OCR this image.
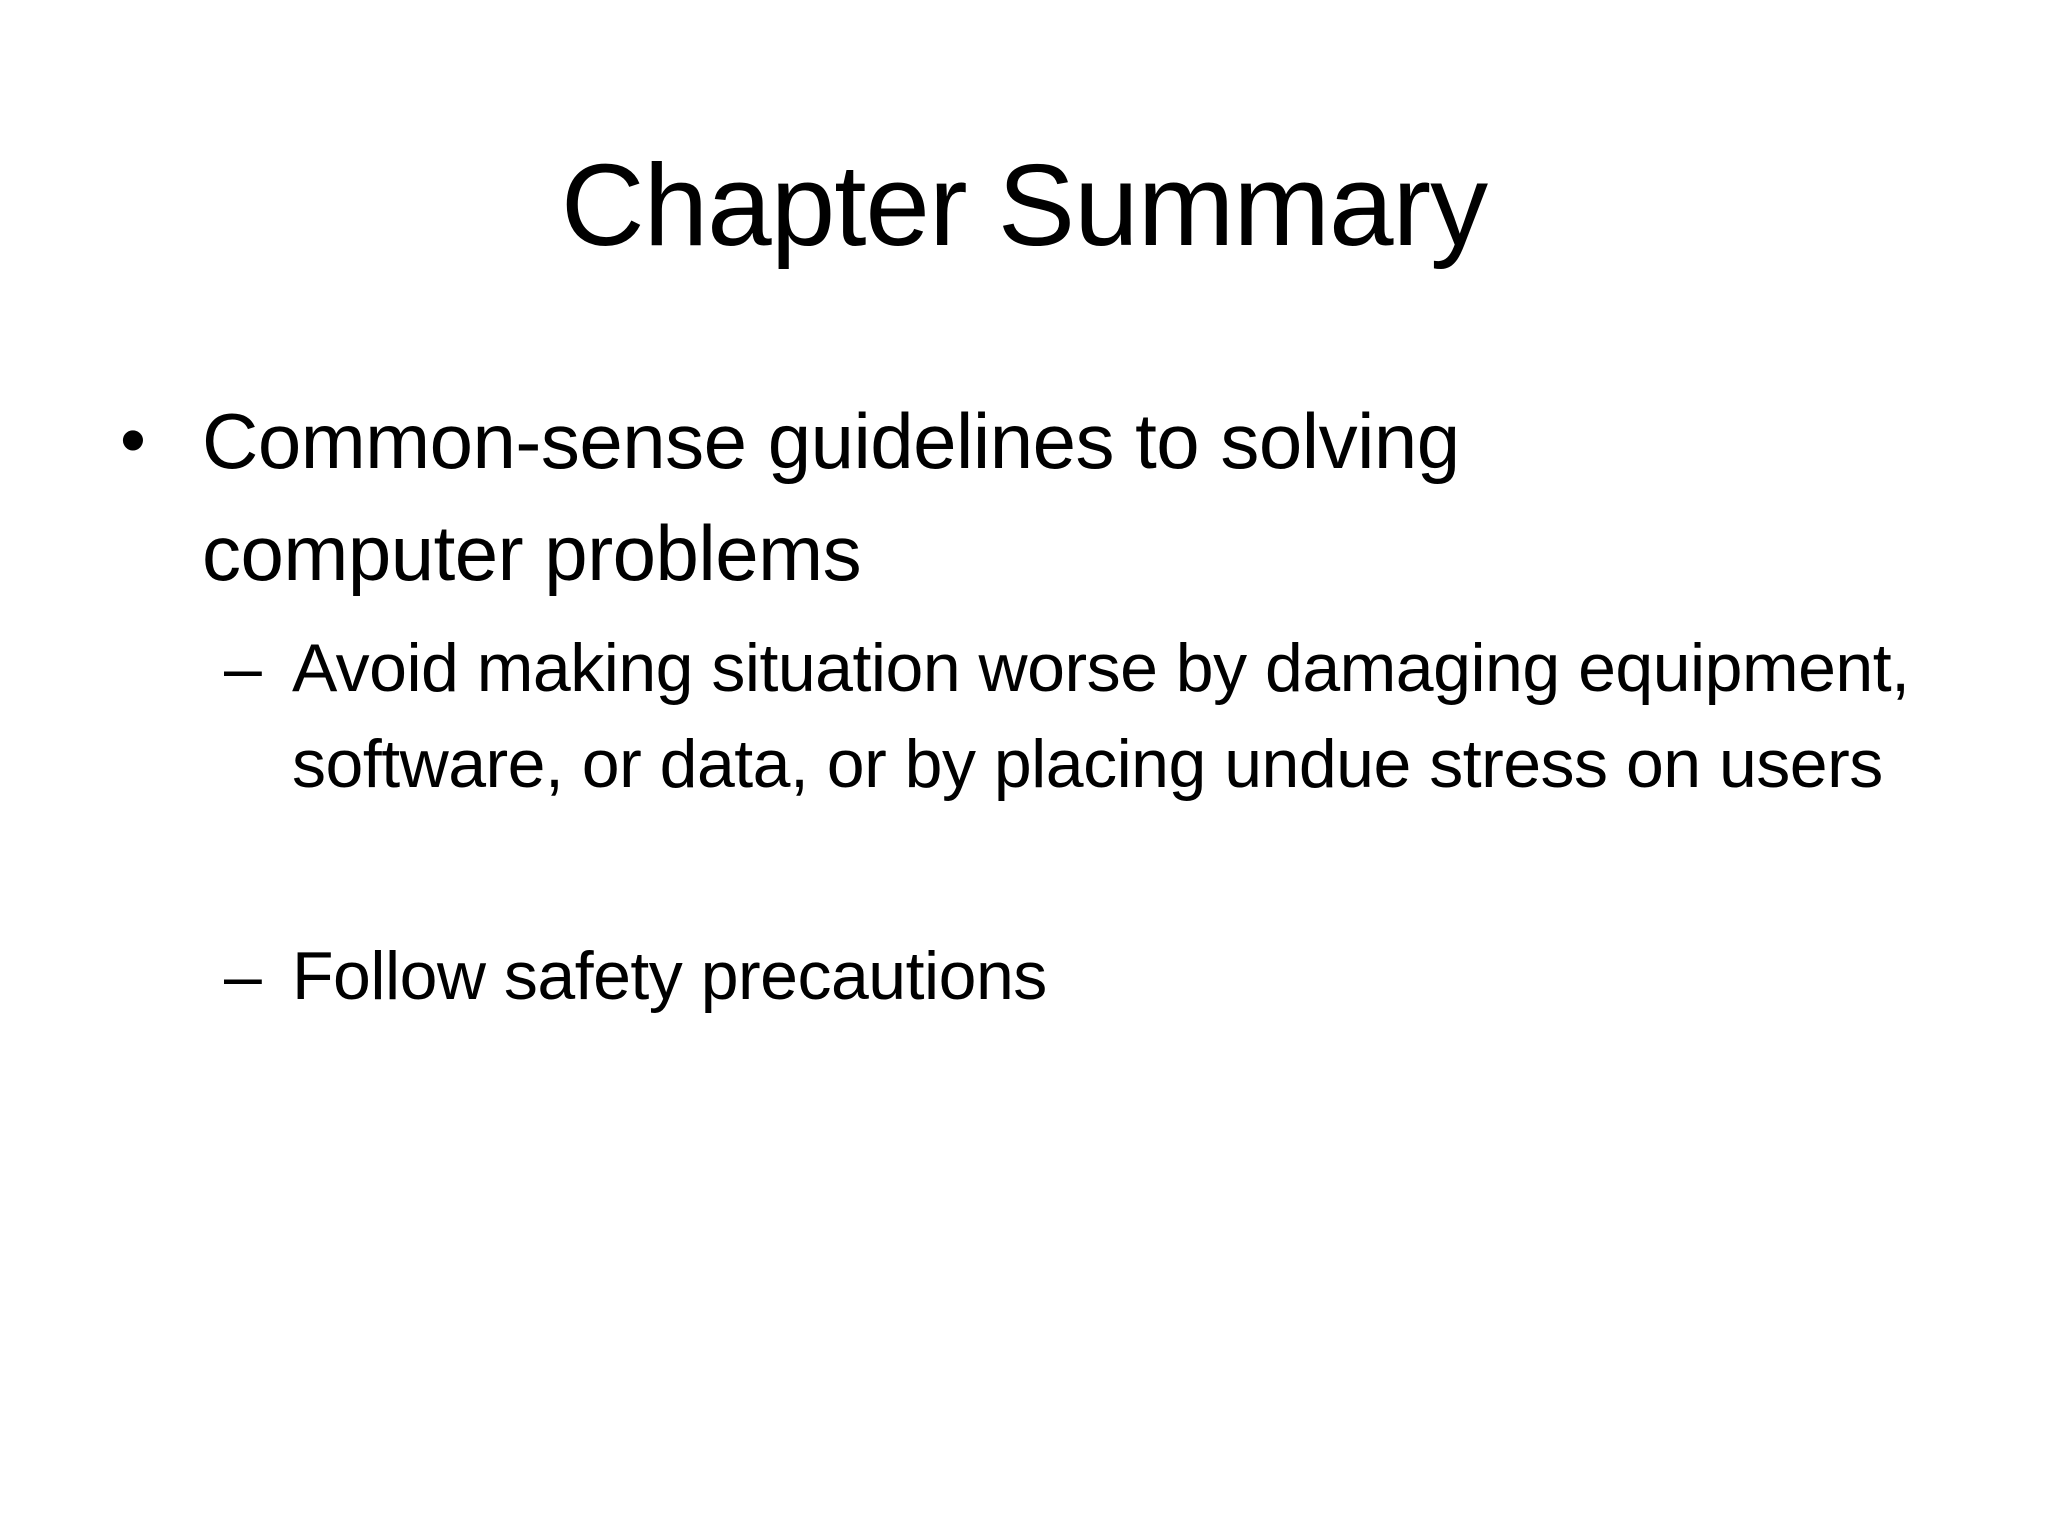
Chapter Summary
• Common-sense guidelines to solving computer problems
– Avoid making situation worse by damaging equipment, software, or data, or by placing undue stress on users
– Follow safety precautions
